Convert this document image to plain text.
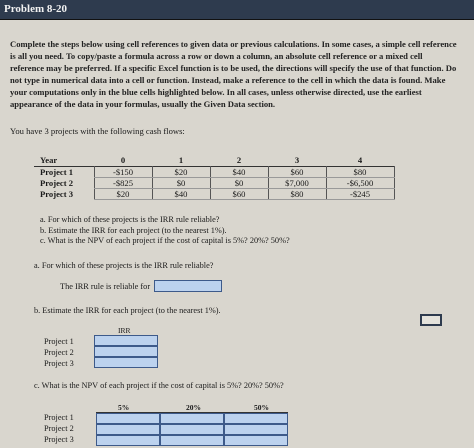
Problem 8-20
Complete the steps below using cell references to given data or previous calculations. In some cases, a simple cell reference is all you need. To copy/paste a formula across a row or down a column, an absolute cell reference or a mixed cell reference may be preferred. If a specific Excel function is to be used, the directions will specify the use of that function. Do not type in numerical data into a cell or function. Instead, make a reference to the cell in which the data is found. Make your computations only in the blue cells highlighted below. In all cases, unless otherwise directed, use the earliest appearance of the data in your formulas, usually the Given Data section.
You have 3 projects with the following cash flows:
Year	0	1	2	3	4
Project 1	-$150	$20	$40	$60	$80
Project 2	-$825	$0	$0	$7,000	-$6,500
Project 3	$20	$40	$60	$80	-$245
a. For which of these projects is the IRR rule reliable?
b. Estimate the IRR for each project (to the nearest 1%).
c. What is the NPV of each project if the cost of capital is 5%? 20%? 50%?
a. For which of these projects is the IRR rule reliable?
The IRR rule is reliable for
b. Estimate the IRR for each project (to the nearest 1%).
IRR
Project 1
Project 2
Project 3
c. What is the NPV of each project if the cost of capital is 5%? 20%? 50%?
5%	20%	50%
Project 1
Project 2
Project 3
